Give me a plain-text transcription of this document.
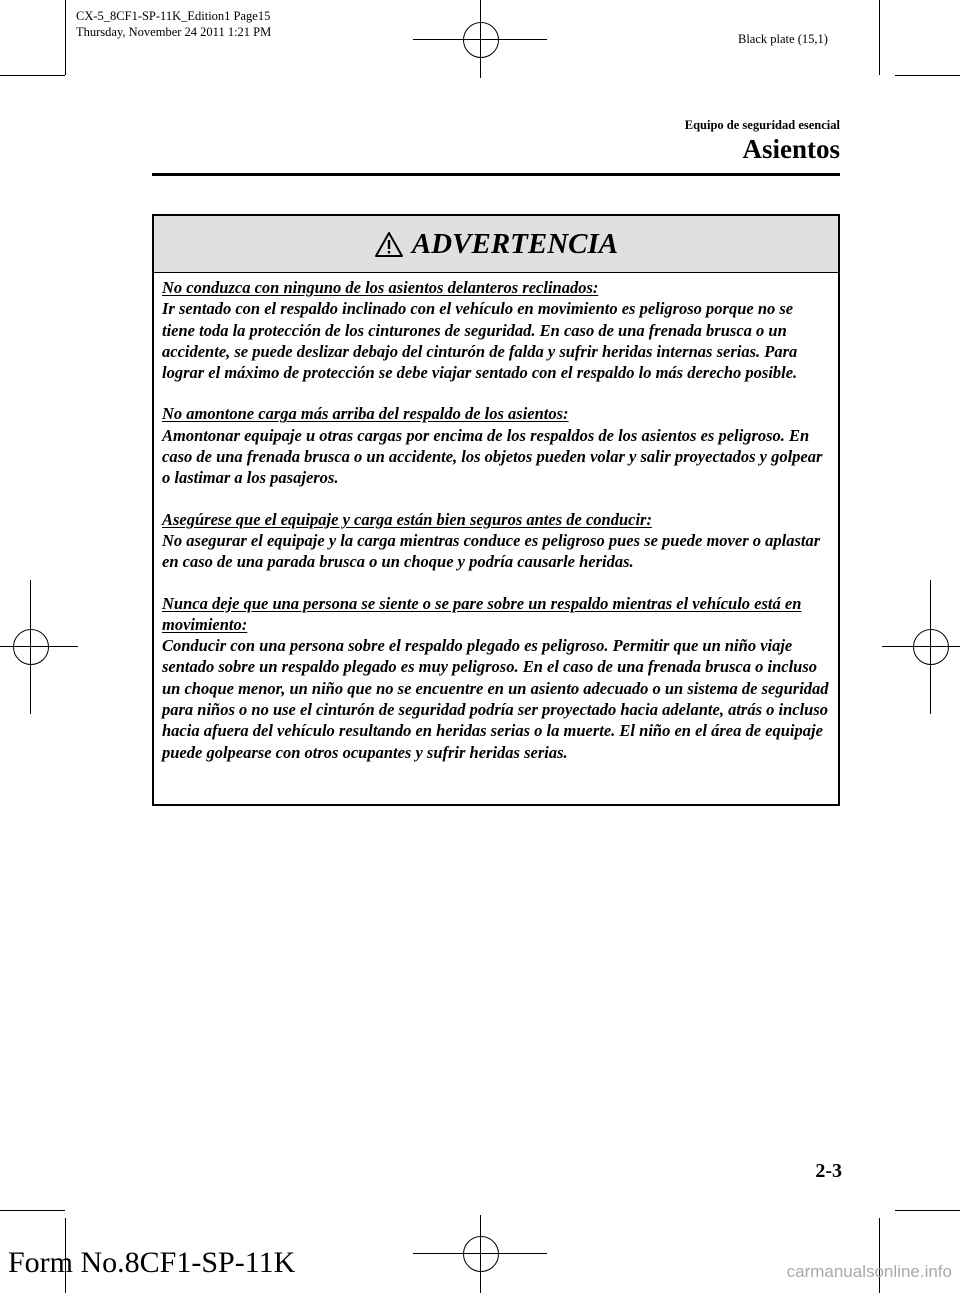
CX-5_8CF1-SP-11K_Edition1 Page15
Thursday, November 24 2011 1:21 PM	Black plate (15,1)
Equipo de seguridad esencial
Asientos
ADVERTENCIA

No conduzca con ninguno de los asientos delanteros reclinados:

Ir sentado con el respaldo inclinado con el vehículo en movimiento es peligroso porque no se tiene toda la protección de los cinturones de seguridad. En caso de una frenada brusca o un accidente, se puede deslizar debajo del cinturón de falda y sufrir heridas internas serias. Para lograr el máximo de protección se debe viajar sentado con el respaldo lo más derecho posible.

No amontone carga más arriba del respaldo de los asientos:

Amontonar equipaje u otras cargas por encima de los respaldos de los asientos es peligroso. En caso de una frenada brusca o un accidente, los objetos pueden volar y salir proyectados y golpear o lastimar a los pasajeros.

Asegúrese que el equipaje y carga están bien seguros antes de conducir:

No asegurar el equipaje y la carga mientras conduce es peligroso pues se puede mover o aplastar en caso de una parada brusca o un choque y podría causarle heridas.

Nunca deje que una persona se siente o se pare sobre un respaldo mientras el vehículo está en movimiento:

Conducir con una persona sobre el respaldo plegado es peligroso. Permitir que un niño viaje sentado sobre un respaldo plegado es muy peligroso. En el caso de una frenada brusca o incluso un choque menor, un niño que no se encuentre en un asiento adecuado o un sistema de seguridad para niños o no use el cinturón de seguridad podría ser proyectado hacia adelante, atrás o incluso hacia afuera del vehículo resultando en heridas serias o la muerte. El niño en el área de equipaje puede golpearse con otros ocupantes y sufrir heridas serias.

2-3
Form No.8CF1-SP-11K	carmanualsonline.info
